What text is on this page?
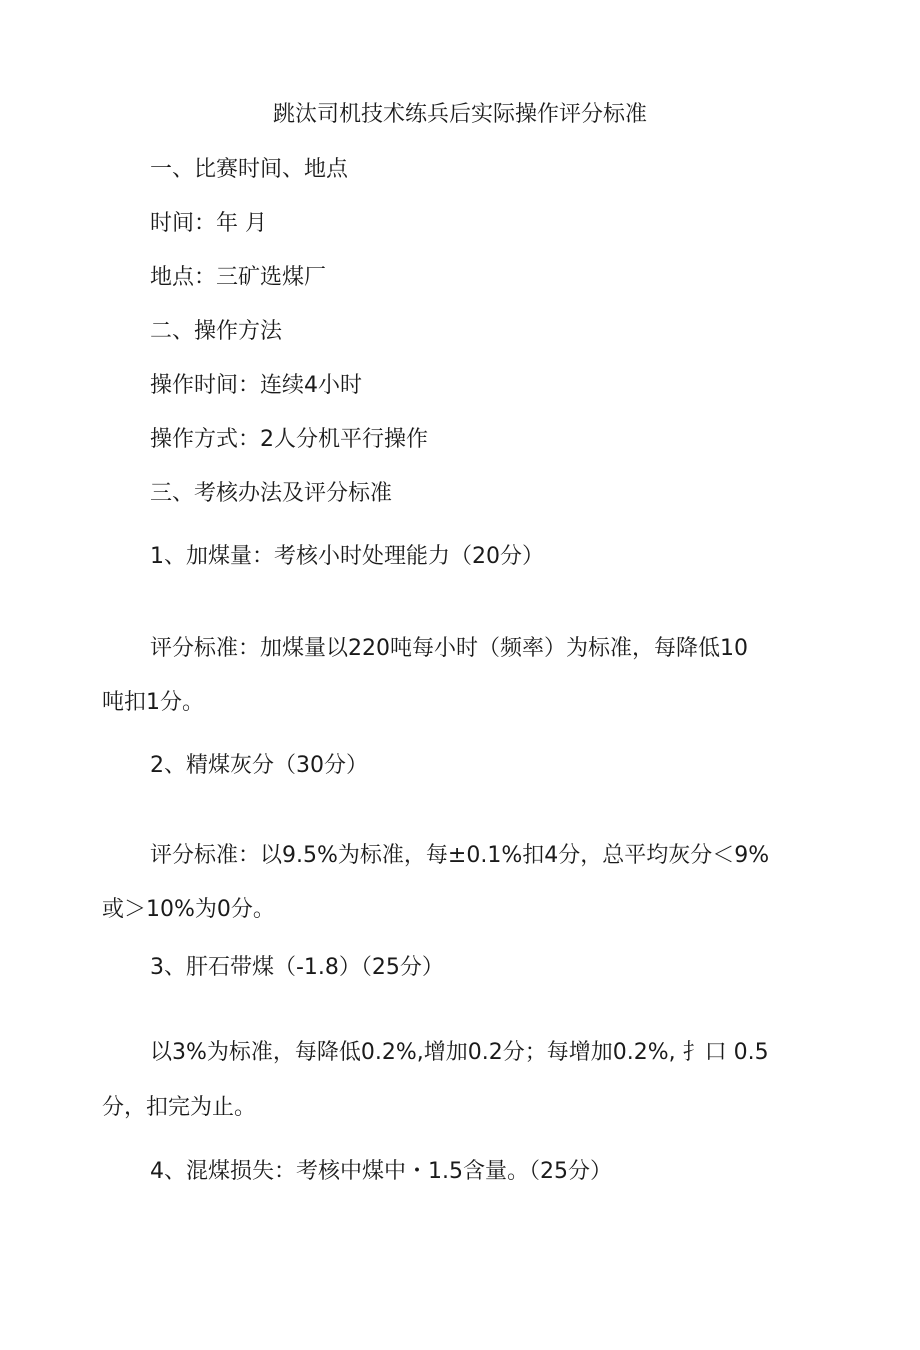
跳汰司机技术练兵后实际操作评分标准
一、比赛时间、地点
时间：年 月
地点：三矿选煤厂
二、操作方法
操作时间：连续4小时
操作方式：2人分机平行操作
三、考核办法及评分标准
1、加煤量：考核小时处理能力（20分）
评分标准：加煤量以220吨每小时（频率）为标准，每降低10
吨扣1分。
2、精煤灰分（30分）
评分标准：以9.5%为标准，每±0.1%扣4分，总平均灰分＜9%
或＞10%为0分。
3、肝石带煤（-1.8）（25分）
以3%为标准，每降低0.2%,增加0.2分；每增加0.2%, 扌口 0.5
分，扣完为止。
4、混煤损失：考核中煤中・1.5含量。（25分）
